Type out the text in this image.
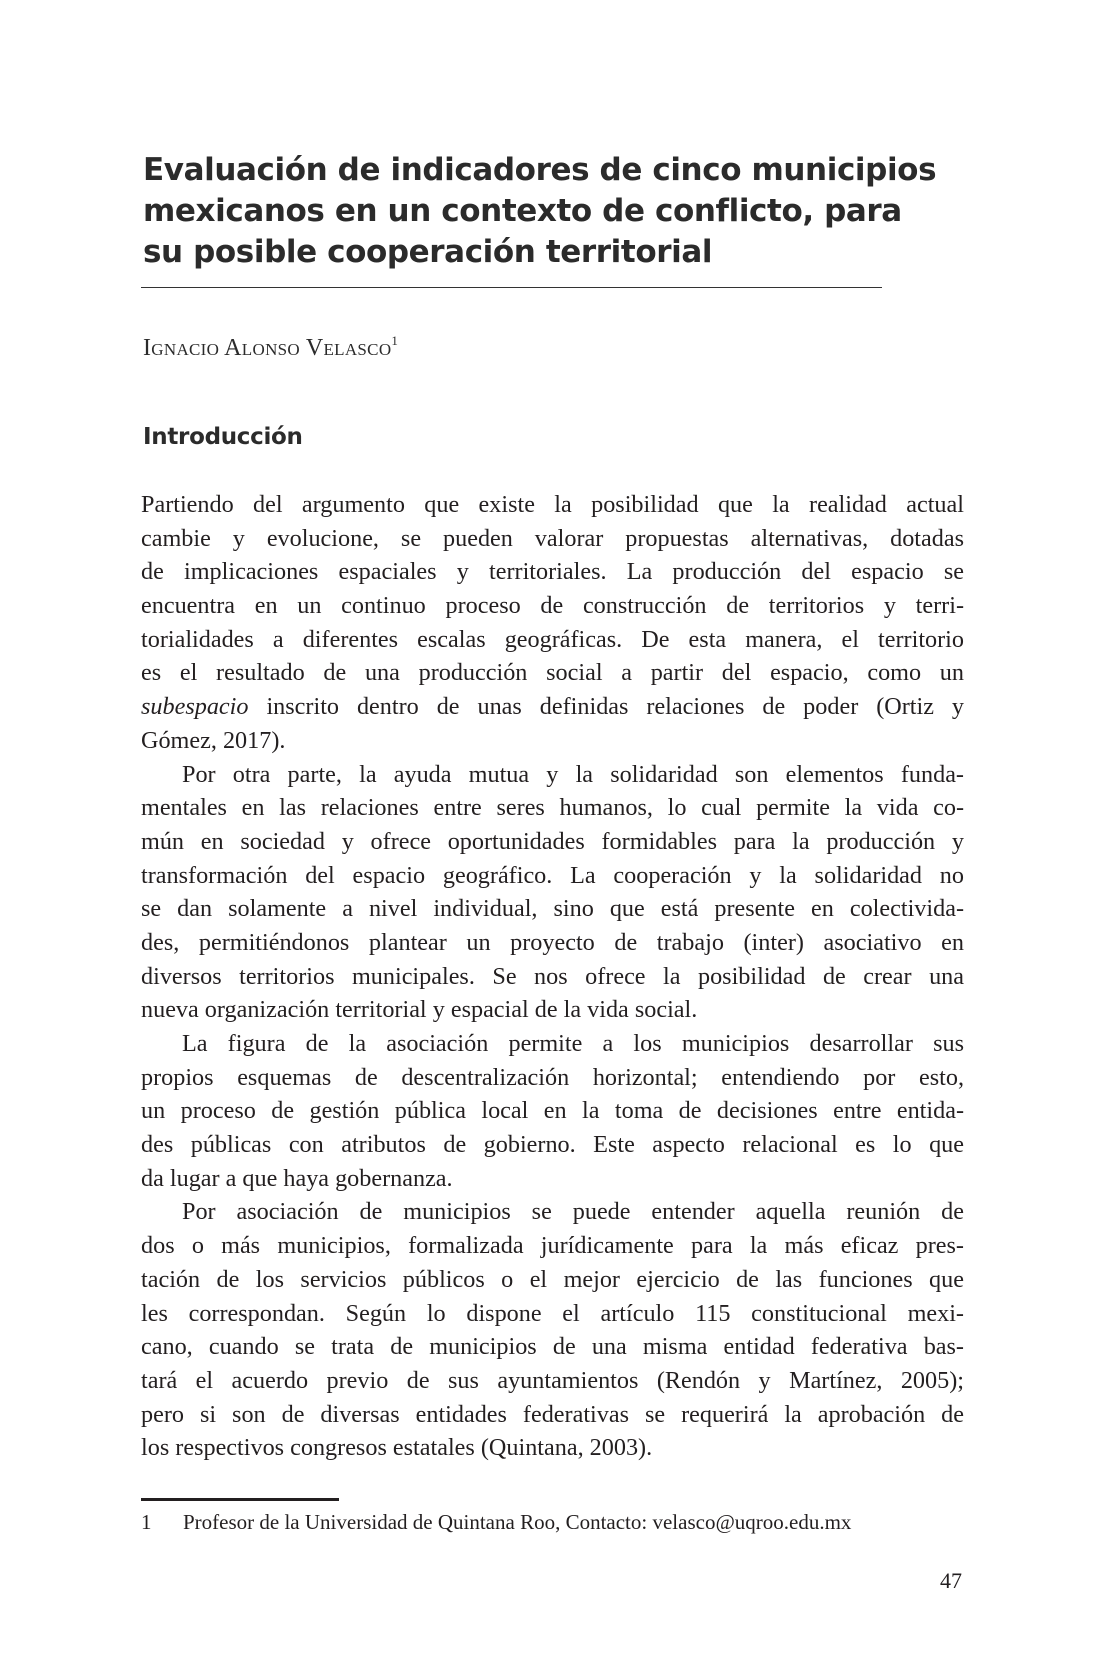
Evaluación de indicadores de cinco municipios
mexicanos en un contexto de conflicto, para
su posible cooperación territorial
Ignacio Alonso Velasco$^1$
Introducción
Partiendo del argumento que existe la posibilidad que la realidad actual
cambie y evolucione, se pueden valorar propuestas alternativas, dotadas
de implicaciones espaciales y territoriales. La producción del espacio se
encuentra en un continuo proceso de construcción de territorios y terri-
torialidades a diferentes escalas geográficas. De esta manera, el territorio
es el resultado de una producción social a partir del espacio, como un
subespacio inscrito dentro de unas definidas relaciones de poder (Ortiz y
Gómez, 2017).
Por otra parte, la ayuda mutua y la solidaridad son elementos funda-
mentales en las relaciones entre seres humanos, lo cual permite la vida co-
mún en sociedad y ofrece oportunidades formidables para la producción y
transformación del espacio geográfico. La cooperación y la solidaridad no
se dan solamente a nivel individual, sino que está presente en colectivida-
des, permitiéndonos plantear un proyecto de trabajo (inter) asociativo en
diversos territorios municipales. Se nos ofrece la posibilidad de crear una
nueva organización territorial y espacial de la vida social.
La figura de la asociación permite a los municipios desarrollar sus
propios esquemas de descentralización horizontal; entendiendo por esto,
un proceso de gestión pública local en la toma de decisiones entre entida-
des públicas con atributos de gobierno. Este aspecto relacional es lo que
da lugar a que haya gobernanza.
Por asociación de municipios se puede entender aquella reunión de
dos o más municipios, formalizada jurídicamente para la más eficaz pres-
tación de los servicios públicos o el mejor ejercicio de las funciones que
les correspondan. Según lo dispone el artículo 115 constitucional mexi-
cano, cuando se trata de municipios de una misma entidad federativa bas-
tará el acuerdo previo de sus ayuntamientos (Rendón y Martínez, 2005);
pero si son de diversas entidades federativas se requerirá la aprobación de
los respectivos congresos estatales (Quintana, 2003).
1 Profesor de la Universidad de Quintana Roo, Contacto: velasco@uqroo.edu.mx
47
